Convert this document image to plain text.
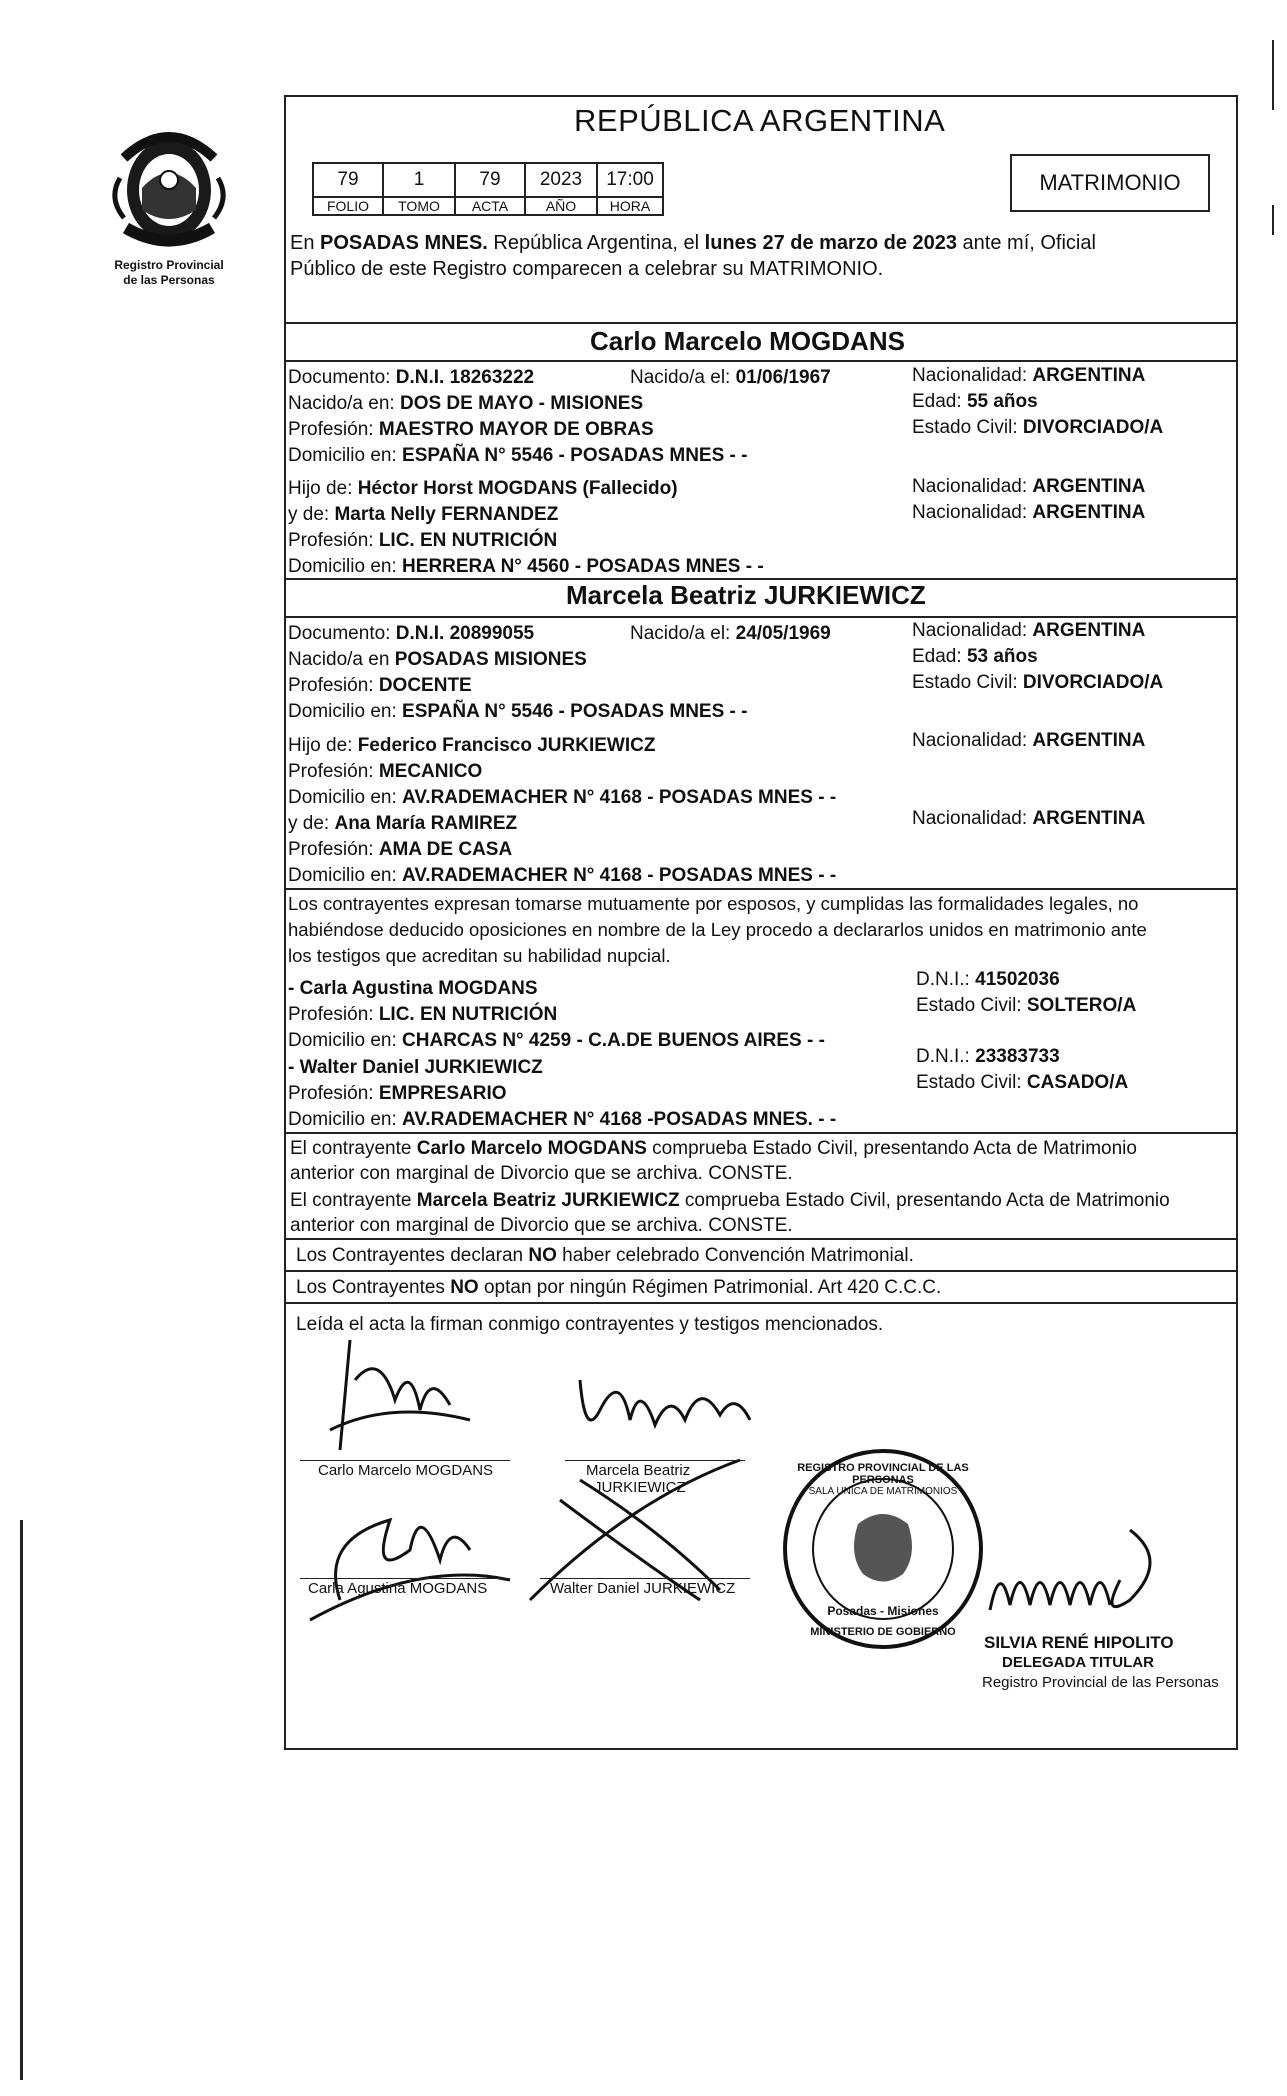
Registro Provincial
de las Personas
REPÚBLICA ARGENTINA
79	1	79	2023	17:00
FOLIO	TOMO	ACTA	AÑO	HORA
MATRIMONIO
En POSADAS MNES. República Argentina, el lunes 27 de marzo de 2023 ante mí, Oficial
Público de este Registro comparecen a celebrar su MATRIMONIO.
Carlo Marcelo MOGDANS
Documento: D.N.I. 18263222	Nacido/a el: 01/06/1967	Nacionalidad: ARGENTINA
Nacido/a en: DOS DE MAYO - MISIONES	Edad: 55 años
Profesión: MAESTRO MAYOR DE OBRAS	Estado Civil: DIVORCIADO/A
Domicilio en: ESPAÑA N° 5546 - POSADAS MNES - -
Hijo de: Héctor Horst MOGDANS (Fallecido)	Nacionalidad: ARGENTINA
y de: Marta Nelly FERNANDEZ	Nacionalidad: ARGENTINA
Profesión: LIC. EN NUTRICIÓN
Domicilio en: HERRERA N° 4560 - POSADAS MNES - -
Marcela Beatriz JURKIEWICZ
Documento: D.N.I. 20899055	Nacido/a el: 24/05/1969	Nacionalidad: ARGENTINA
Nacido/a en POSADAS MISIONES	Edad: 53 años
Profesión: DOCENTE	Estado Civil: DIVORCIADO/A
Domicilio en: ESPAÑA N° 5546 - POSADAS MNES - -
Hijo de: Federico Francisco JURKIEWICZ	Nacionalidad: ARGENTINA
Profesión: MECANICO
Domicilio en: AV.RADEMACHER N° 4168 - POSADAS MNES - -
y de: Ana María RAMIREZ	Nacionalidad: ARGENTINA
Profesión: AMA DE CASA
Domicilio en: AV.RADEMACHER N° 4168 - POSADAS MNES - -
Los contrayentes expresan tomarse mutuamente por esposos, y cumplidas las formalidades legales, no
habiéndose deducido oposiciones en nombre de la Ley procedo a declararlos unidos en matrimonio ante
los testigos que acreditan su habilidad nupcial.
- Carla Agustina MOGDANS	D.N.I.: 41502036
Profesión: LIC. EN NUTRICIÓN	Estado Civil: SOLTERO/A
Domicilio en: CHARCAS N° 4259 - C.A.DE BUENOS AIRES - -
- Walter Daniel JURKIEWICZ
D.N.I.: 23383733
Profesión: EMPRESARIO
Estado Civil: CASADO/A
Domicilio en: AV.RADEMACHER N° 4168 -POSADAS MNES. - -
El contrayente Carlo Marcelo MOGDANS comprueba Estado Civil, presentando Acta de Matrimonio
anterior con marginal de Divorcio que se archiva. CONSTE.
El contrayente Marcela Beatriz JURKIEWICZ comprueba Estado Civil, presentando Acta de Matrimonio
anterior con marginal de Divorcio que se archiva. CONSTE.
Los Contrayentes declaran NO haber celebrado Convención Matrimonial.
Los Contrayentes NO optan por ningún Régimen Patrimonial. Art 420 C.C.C.
Leída el acta la firman conmigo contrayentes y testigos mencionados.
Carlo Marcelo MOGDANS	Marcela Beatriz
JURKIEWICZ
Carla Agustina MOGDANS	Walter Daniel JURKIEWICZ
REGISTRO PROVINCIAL DE LAS PERSONAS
SALA UNICA DE MATRIMONIOS
Posadas - Misiones
MINISTERIO DE GOBIERNO
SILVIA RENÉ HIPOLITO
DELEGADA TITULAR
Registro Provincial de las Personas
